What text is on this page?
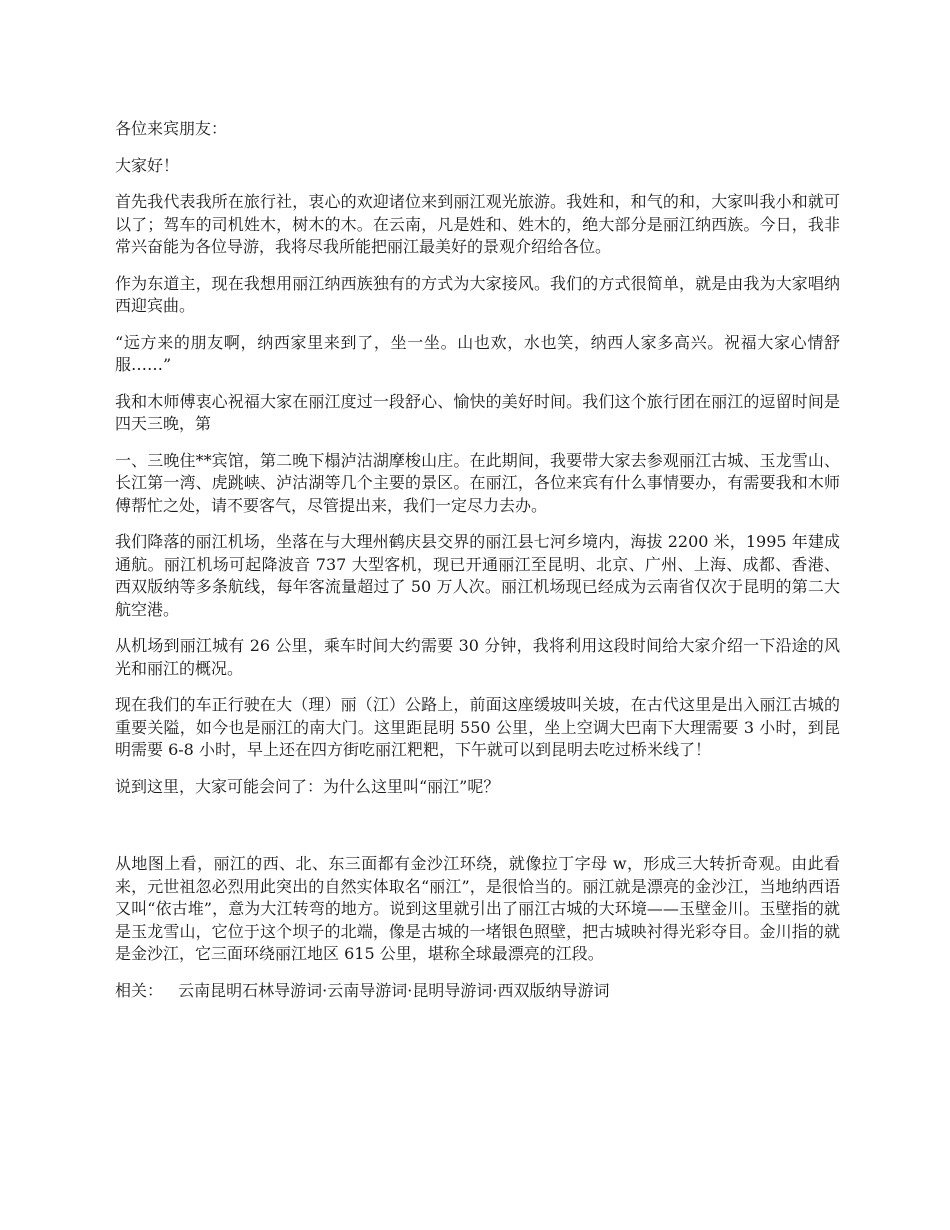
各位来宾朋友：

大家好！

首先我代表我所在旅行社，衷心的欢迎诸位来到丽江观光旅游。我姓和，和气的和，大家叫我小和就可以了；驾车的司机姓木，树木的木。在云南，凡是姓和、姓木的，绝大部分是丽江纳西族。今日，我非常兴奋能为各位导游，我将尽我所能把丽江最美好的景观介绍给各位。

作为东道主，现在我想用丽江纳西族独有的方式为大家接风。我们的方式很简单，就是由我为大家唱纳西迎宾曲。

“远方来的朋友啊，纳西家里来到了，坐一坐。山也欢，水也笑，纳西人家多高兴。祝福大家心情舒服……”

我和木师傅衷心祝福大家在丽江度过一段舒心、愉快的美好时间。我们这个旅行团在丽江的逗留时间是四天三晚，第

一、三晚住**宾馆，第二晚下榻泸沽湖摩梭山庄。在此期间，我要带大家去参观丽江古城、玉龙雪山、长江第一湾、虎跳峡、泸沽湖等几个主要的景区。在丽江，各位来宾有什么事情要办，有需要我和木师傅帮忙之处，请不要客气，尽管提出来，我们一定尽力去办。

我们降落的丽江机场，坐落在与大理州鹤庆县交界的丽江县七河乡境内，海拔 2200 米，1995 年建成通航。丽江机场可起降波音 737 大型客机，现已开通丽江至昆明、北京、广州、上海、成都、香港、西双版纳等多条航线，每年客流量超过了 50 万人次。丽江机场现已经成为云南省仅次于昆明的第二大航空港。

从机场到丽江城有 26 公里，乘车时间大约需要 30 分钟，我将利用这段时间给大家介绍一下沿途的风光和丽江的概况。

现在我们的车正行驶在大（理）丽（江）公路上，前面这座缓坡叫关坡，在古代这里是出入丽江古城的重要关隘，如今也是丽江的南大门。这里距昆明 550 公里，坐上空调大巴南下大理需要 3 小时，到昆明需要 6-8 小时，早上还在四方街吃丽江粑粑，下午就可以到昆明去吃过桥米线了！

说到这里，大家可能会问了：为什么这里叫“丽江”呢？

从地图上看，丽江的西、北、东三面都有金沙江环绕，就像拉丁字母 w，形成三大转折奇观。由此看来，元世祖忽必烈用此突出的自然实体取名“丽江”，是很恰当的。丽江就是漂亮的金沙江，当地纳西语又叫“依古堆”，意为大江转弯的地方。说到这里就引出了丽江古城的大环境——玉壁金川。玉壁指的就是玉龙雪山，它位于这个坝子的北端，像是古城的一堵银色照壁，把古城映衬得光彩夺目。金川指的就是金沙江，它三面环绕丽江地区 615 公里，堪称全球最漂亮的江段。

相关： 云南昆明石林导游词·云南导游词·昆明导游词·西双版纳导游词
